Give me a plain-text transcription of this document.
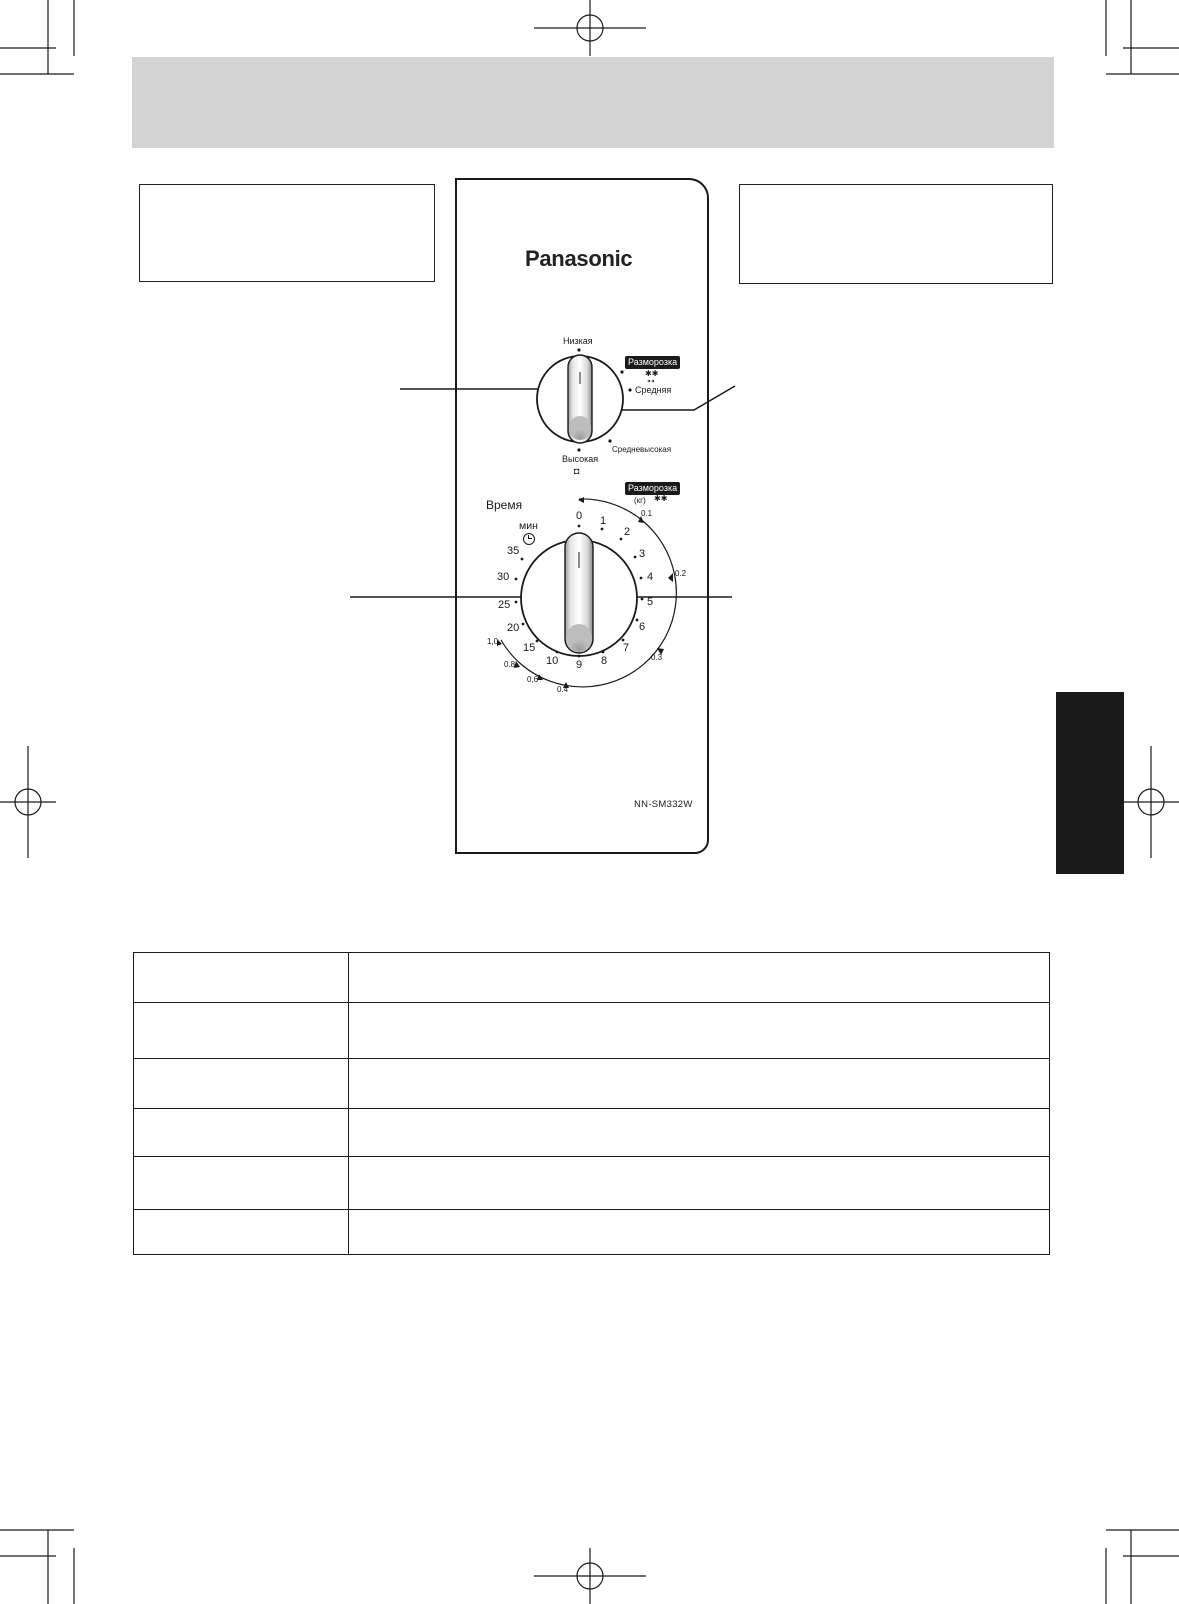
Panasonic
NN-SM332W
Низкая
Разморозка
✱✱
⁍⁍
Средняя
Средневысокая
Высокая
◘
Время
мин
Разморозка
(кг) ✱✱
0 1
2
3
4
5
6
7
8
9
10
15
20
25
30
35
0.1
0.2
0.3
0.4
0,6
0.8
1,0
